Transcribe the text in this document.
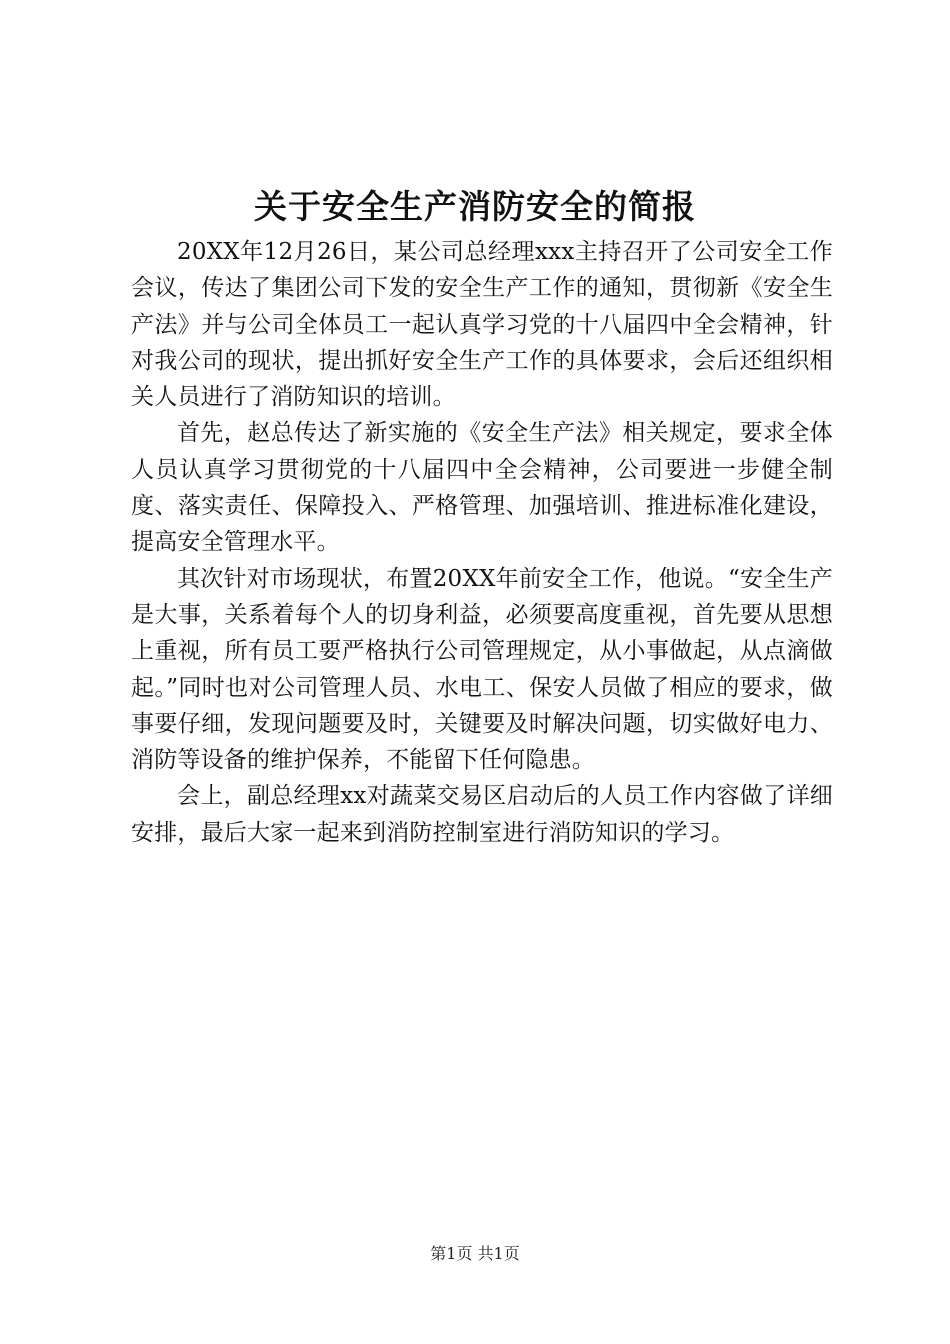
关于安全生产消防安全的简报

20XX年12月26日，某公司总经理xxx主持召开了公司安全工作会议，传达了集团公司下发的安全生产工作的通知，贯彻新《安全生产法》并与公司全体员工一起认真学习党的十八届四中全会精神，针对我公司的现状，提出抓好安全生产工作的具体要求，会后还组织相关人员进行了消防知识的培训。

首先，赵总传达了新实施的《安全生产法》相关规定，要求全体人员认真学习贯彻党的十八届四中全会精神，公司要进一步健全制度、落实责任、保障投入、严格管理、加强培训、推进标准化建设，提高安全管理水平。

其次针对市场现状，布置20XX年前安全工作，他说。“安全生产是大事，关系着每个人的切身利益，必须要高度重视，首先要从思想上重视，所有员工要严格执行公司管理规定，从小事做起，从点滴做起。”同时也对公司管理人员、水电工、保安人员做了相应的要求，做事要仔细，发现问题要及时，关键要及时解决问题，切实做好电力、消防等设备的维护保养，不能留下任何隐患。

会上，副总经理xx对蔬菜交易区启动后的人员工作内容做了详细安排，最后大家一起来到消防控制室进行消防知识的学习。

第1页 共1页
